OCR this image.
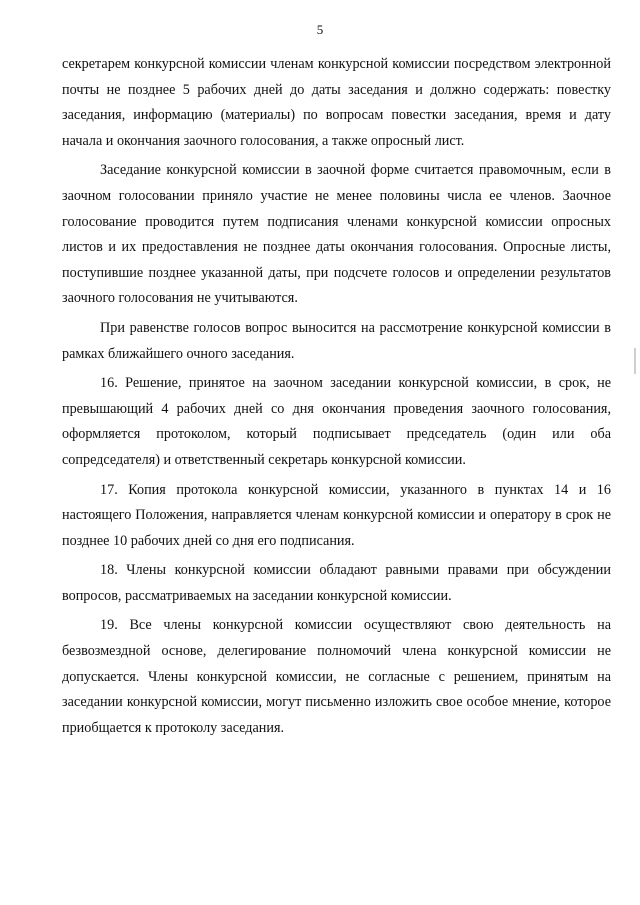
5

секретарем конкурсной комиссии членам конкурсной комиссии посредством электронной почты не позднее 5 рабочих дней до даты заседания и должно содержать: повестку заседания, информацию (материалы) по вопросам повестки заседания, время и дату начала и окончания заочного голосования, а также опросный лист.

Заседание конкурсной комиссии в заочной форме считается правомочным, если в заочном голосовании приняло участие не менее половины числа ее членов. Заочное голосование проводится путем подписания членами конкурсной комиссии опросных листов и их предоставления не позднее даты окончания голосования. Опросные листы, поступившие позднее указанной даты, при подсчете голосов и определении результатов заочного голосования не учитываются.

При равенстве голосов вопрос выносится на рассмотрение конкурсной комиссии в рамках ближайшего очного заседания.

16. Решение, принятое на заочном заседании конкурсной комиссии, в срок, не превышающий 4 рабочих дней со дня окончания проведения заочного голосования, оформляется протоколом, который подписывает председатель (один или оба сопредседателя) и ответственный секретарь конкурсной комиссии.

17. Копия протокола конкурсной комиссии, указанного в пунктах 14 и 16 настоящего Положения, направляется членам конкурсной комиссии и оператору в срок не позднее 10 рабочих дней со дня его подписания.

18. Члены конкурсной комиссии обладают равными правами при обсуждении вопросов, рассматриваемых на заседании конкурсной комиссии.

19. Все члены конкурсной комиссии осуществляют свою деятельность на безвозмездной основе, делегирование полномочий члена конкурсной комиссии не допускается. Члены конкурсной комиссии, не согласные с решением, принятым на заседании конкурсной комиссии, могут письменно изложить свое особое мнение, которое приобщается к протоколу заседания.
